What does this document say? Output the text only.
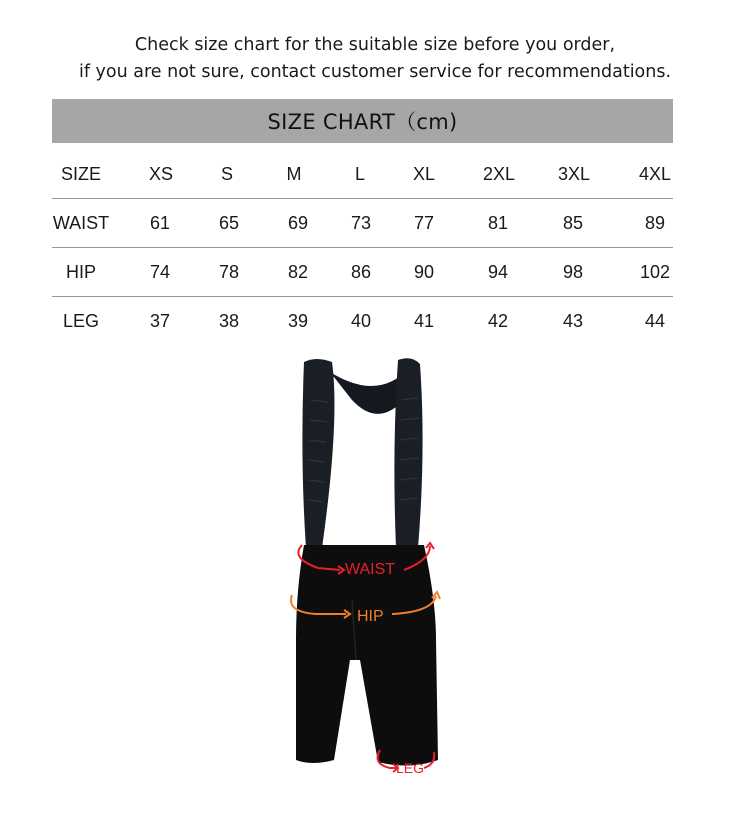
Check size chart for the suitable size before you order,
if you are not sure, contact customer service for recommendations.
SIZE CHART（cm)
SIZE	XS	S	M	L	XL	2XL 3XL	4XL
WAIST 61	65	69 73 77	81	85	89
HIP	74	78	82 86 90	94	98	102
LEG	37	38	39 40 41	42	43	44
WAIST
HIP
LEG
